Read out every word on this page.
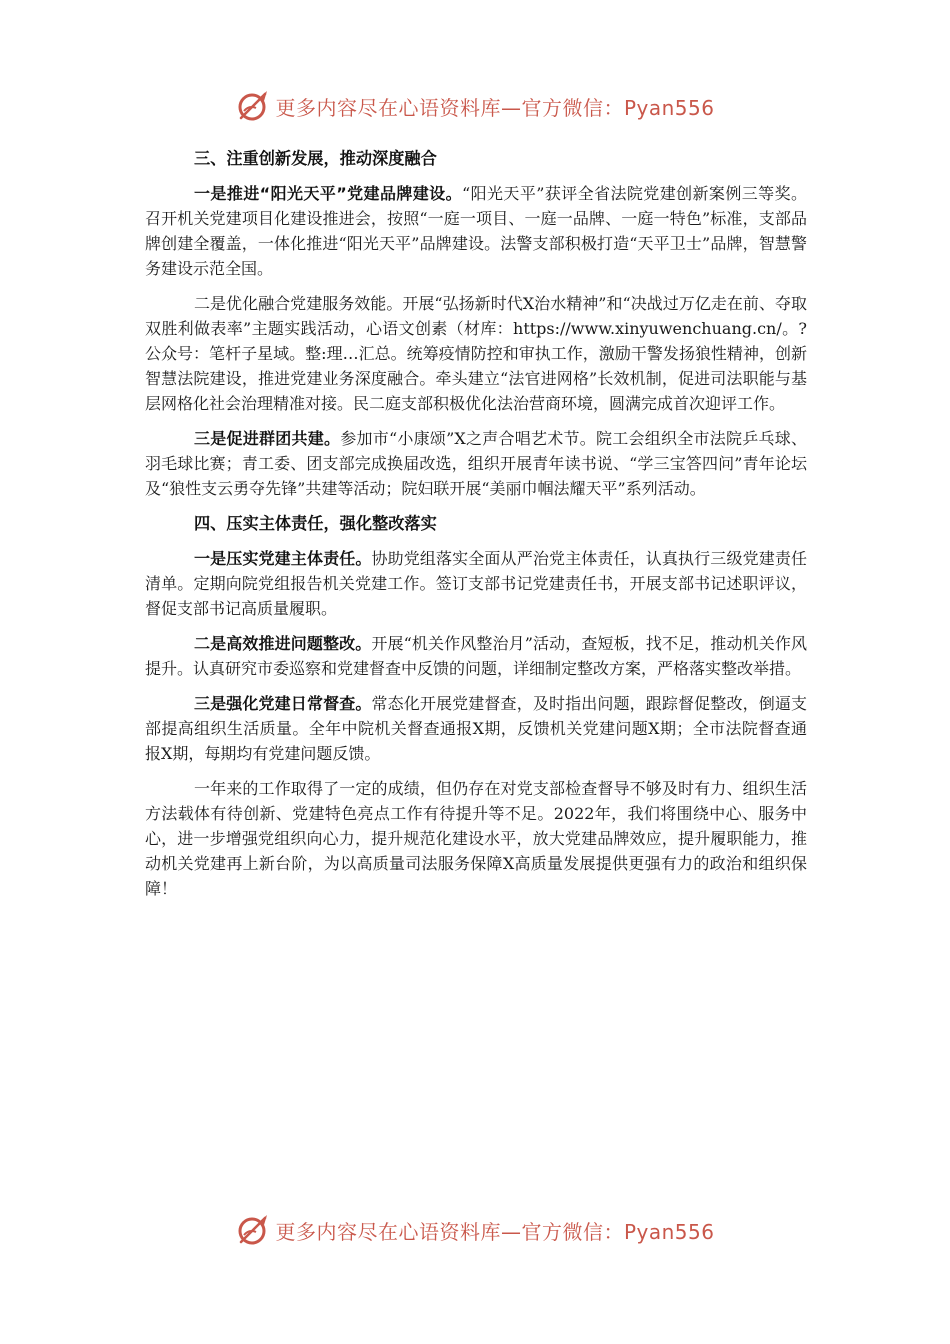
更多内容尽在心语资料库—官方微信：Pyan556
三、注重创新发展，推动深度融合

一是推进“阳光天平”党建品牌建设。“阳光天平”获评全省法院党建创新案例三等奖。召开机关党建项目化建设推进会，按照“一庭一项目、一庭一品牌、一庭一特色”标准，支部品牌创建全覆盖，一体化推进“阳光天平”品牌建设。法警支部积极打造“天平卫士”品牌，智慧警务建设示范全国。

二是优化融合党建服务效能。开展“弘扬新时代X治水精神”和“决战过万亿走在前、夺取双胜利做表率”主题实践活动，心语文创素（材库：https://www.xinyuwenchuang.cn/。?公众号：笔杆子星域。整:理…汇总。统筹疫情防控和审执工作，激励干警发扬狼性精神，创新智慧法院建设，推进党建业务深度融合。牵头建立“法官进网格”长效机制，促进司法职能与基层网格化社会治理精准对接。民二庭支部积极优化法治营商环境，圆满完成首次迎评工作。

三是促进群团共建。参加市“小康颂”X之声合唱艺术节。院工会组织全市法院乒乓球、羽毛球比赛；青工委、团支部完成换届改选，组织开展青年读书说、“学三宝答四问”青年论坛及“狼性支云勇夺先锋”共建等活动；院妇联开展“美丽巾帼法耀天平”系列活动。

四、压实主体责任，强化整改落实

一是压实党建主体责任。协助党组落实全面从严治党主体责任，认真执行三级党建责任清单。定期向院党组报告机关党建工作。签订支部书记党建责任书，开展支部书记述职评议，督促支部书记高质量履职。

二是高效推进问题整改。开展“机关作风整治月”活动，查短板，找不足，推动机关作风提升。认真研究市委巡察和党建督查中反馈的问题，详细制定整改方案，严格落实整改举措。

三是强化党建日常督查。常态化开展党建督查，及时指出问题，跟踪督促整改，倒逼支部提高组织生活质量。全年中院机关督查通报X期，反馈机关党建问题X期；全市法院督查通报X期，每期均有党建问题反馈。

一年来的工作取得了一定的成绩，但仍存在对党支部检查督导不够及时有力、组织生活方法载体有待创新、党建特色亮点工作有待提升等不足。2022年，我们将围绕中心、服务中心，进一步增强党组织向心力，提升规范化建设水平，放大党建品牌效应，提升履职能力，推动机关党建再上新台阶，为以高质量司法服务保障X高质量发展提供更强有力的政治和组织保障！

更多内容尽在心语资料库—官方微信：Pyan556
